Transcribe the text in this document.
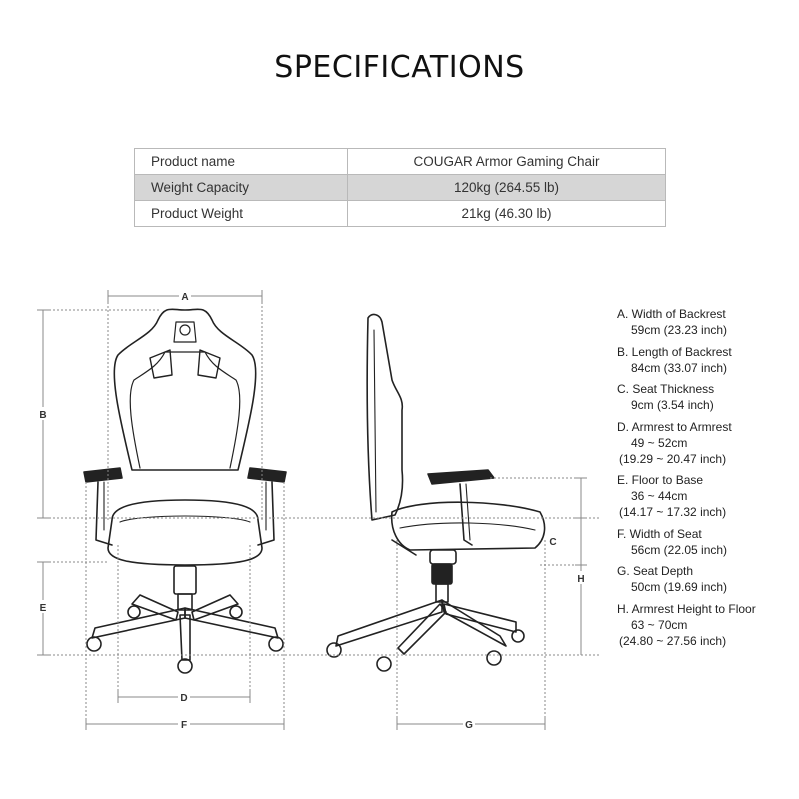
SPECIFICATIONS
Product name	COUGAR Armor Gaming Chair
Weight Capacity	120kg (264.55 lb)
Product Weight	21kg (46.30 lb)
A
B
C
D
E
F	G
H
A. Width of Backrest
59cm (23.23 inch)
B. Length of Backrest
84cm (33.07 inch)
C. Seat Thickness
9cm (3.54 inch)
D. Armrest to Armrest
49 ~ 52cm
(19.29 ~ 20.47 inch)
E. Floor to Base
36 ~ 44cm
(14.17 ~ 17.32 inch)
F. Width of Seat
56cm (22.05 inch)
G. Seat Depth
50cm (19.69 inch)
H. Armrest Height to Floor
63 ~ 70cm
(24.80 ~ 27.56 inch)
